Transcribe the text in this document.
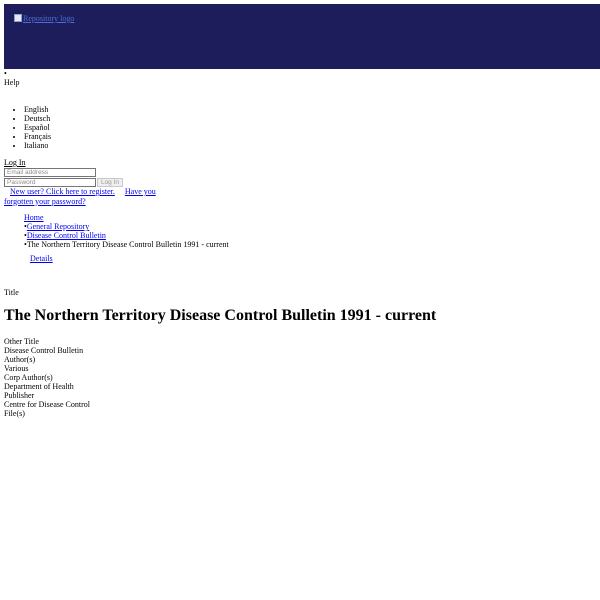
Repository logo
•
Help
• English
• Deutsch
• Español
• Français
• Italiano
Log In
Email address
Log In
New user? Click here to register. Have you forgotten your password?
Home
•General Repository
•Disease Control Bulletin
•The Northern Territory Disease Control Bulletin 1991 - current
Details
Title
The Northern Territory Disease Control Bulletin 1991 - current
Other Title
Disease Control Bulletin
Author(s)
Various
Corp Author(s)
Department of Health
Publisher
Centre for Disease Control
File(s)
